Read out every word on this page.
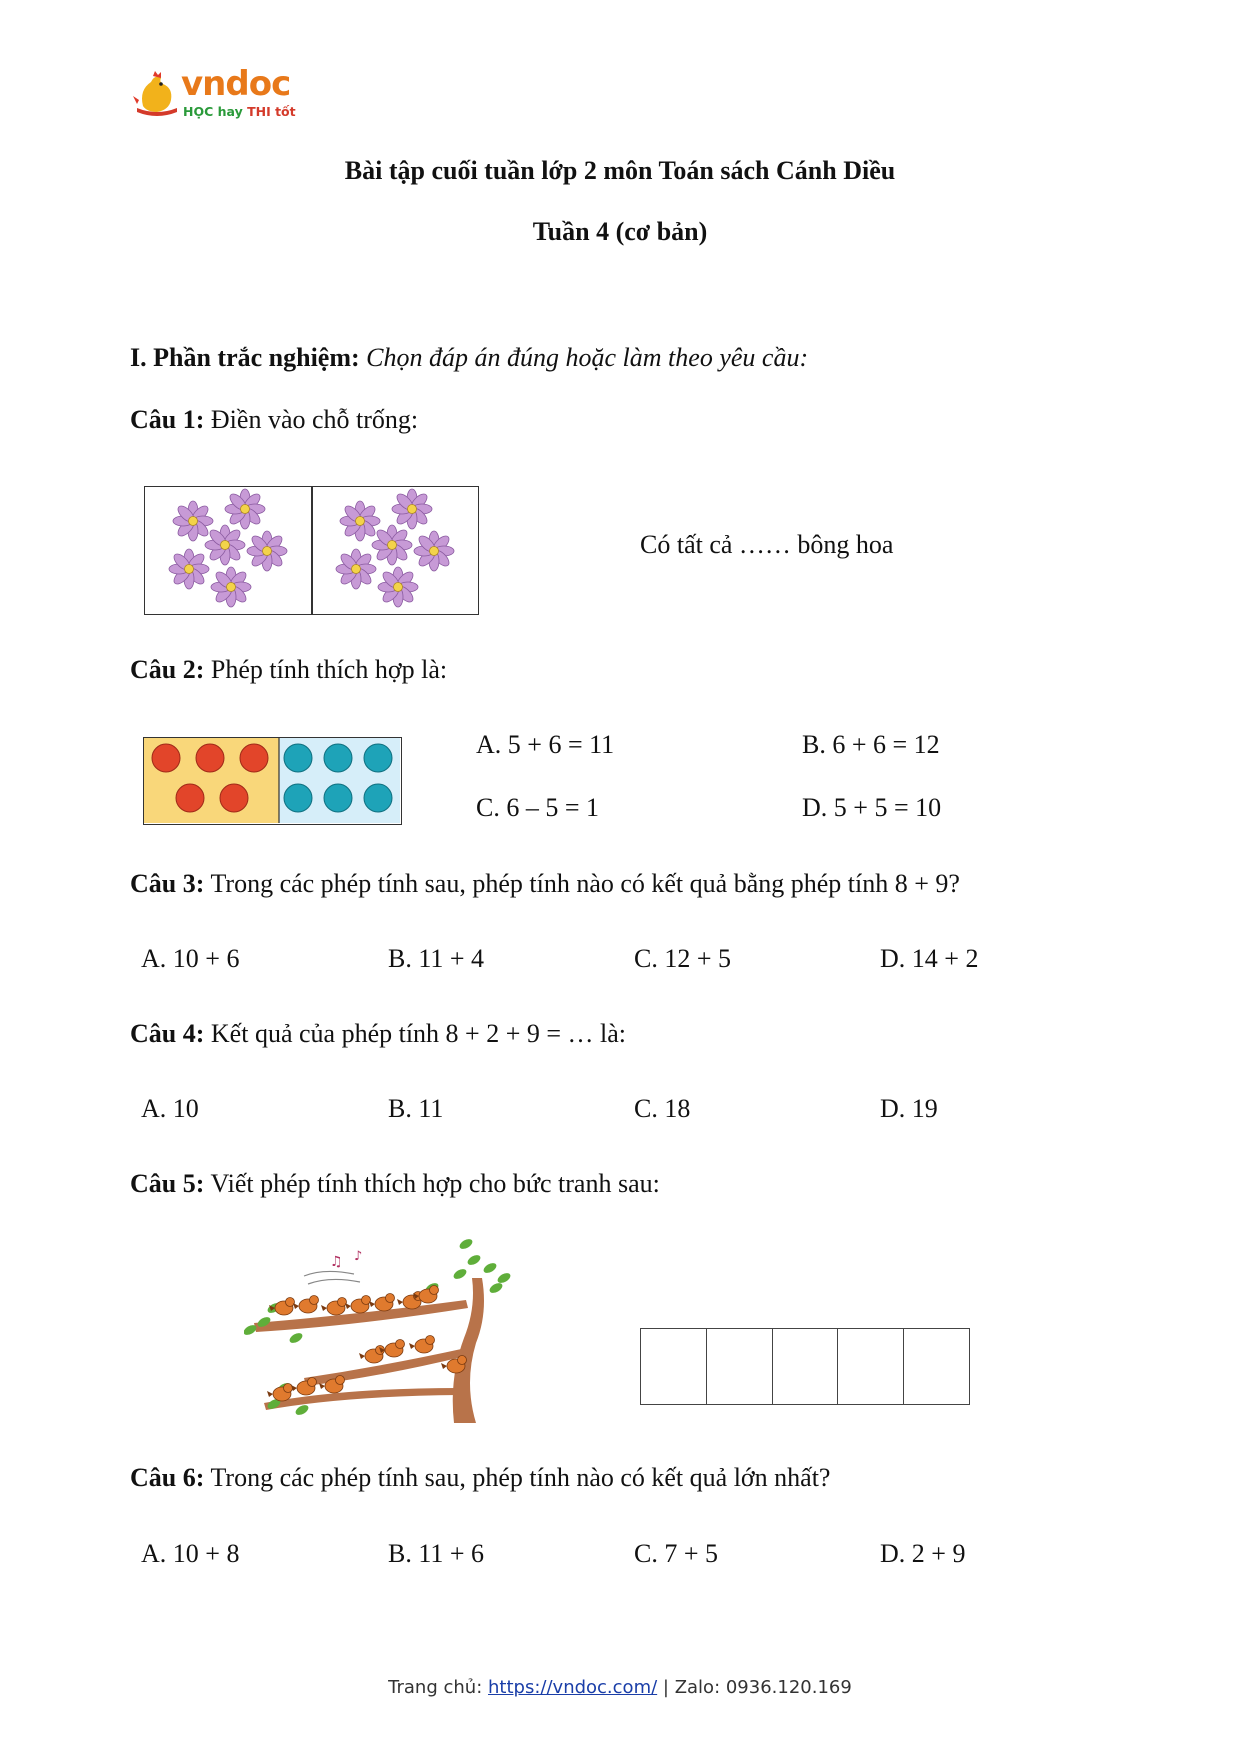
vndoc
HỌC hay THI tốt
Bài tập cuối tuần lớp 2 môn Toán sách Cánh Diều
Tuần 4 (cơ bản)
I. Phần trắc nghiệm: Chọn đáp án đúng hoặc làm theo yêu cầu:
Câu 1: Điền vào chỗ trống:
Có tất cả …… bông hoa
Câu 2: Phép tính thích hợp là:
A. 5 + 6 = 11	B. 6 + 6 = 12
C. 6 – 5 = 1	D. 5 + 5 = 10
Câu 3: Trong các phép tính sau, phép tính nào có kết quả bằng phép tính 8 + 9?
A. 10 + 6	B. 11 + 4	C. 12 + 5	D. 14 + 2
Câu 4: Kết quả của phép tính 8 + 2 + 9 = … là:
A. 10	B. 11	C. 18	D. 19
Câu 5: Viết phép tính thích hợp cho bức tranh sau:
♫ ♪
Câu 6: Trong các phép tính sau, phép tính nào có kết quả lớn nhất?
A. 10 + 8	B. 11 + 6	C. 7 + 5	D. 2 + 9
Trang chủ: https://vndoc.com/ | Zalo: 0936.120.169
